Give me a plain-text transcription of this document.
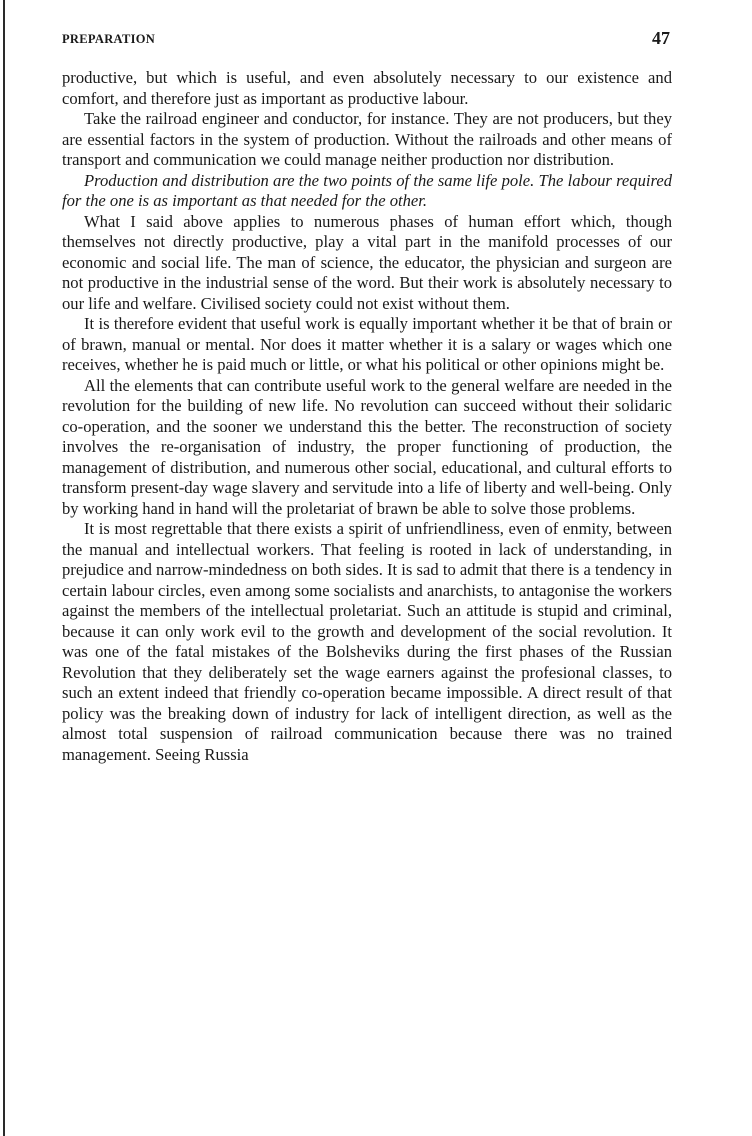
PREPARATION	47

productive, but which is useful, and even absolutely necessary to our existence and comfort, and therefore just as important as productive labour.

Take the railroad engineer and conductor, for instance. They are not producers, but they are essential factors in the system of production. Without the railroads and other means of transport and communication we could manage neither production nor distribution.

Production and distribution are the two points of the same life pole. The labour required for the one is as important as that needed for the other.

What I said above applies to numerous phases of human effort which, though themselves not directly productive, play a vital part in the manifold processes of our economic and social life. The man of science, the educator, the physician and surgeon are not productive in the industrial sense of the word. But their work is absolutely necessary to our life and welfare. Civilised society could not exist without them.

It is therefore evident that useful work is equally important whether it be that of brain or of brawn, manual or mental. Nor does it matter whether it is a salary or wages which one receives, whether he is paid much or little, or what his political or other opinions might be.

All the elements that can contribute useful work to the general welfare are needed in the revolution for the building of new life. No revolution can succeed without their solidaric co-operation, and the sooner we understand this the better. The reconstruction of society involves the re-organisation of industry, the proper functioning of production, the management of distribution, and numerous other social, educational, and cultural efforts to transform present-day wage slavery and servitude into a life of liberty and well-being. Only by working hand in hand will the proletariat of brawn be able to solve those problems.

It is most regrettable that there exists a spirit of unfriendliness, even of enmity, between the manual and intellectual workers. That feeling is rooted in lack of understanding, in prejudice and narrow-mindedness on both sides. It is sad to admit that there is a tendency in certain labour circles, even among some socialists and anarchists, to antagonise the workers against the members of the intellectual proletariat. Such an attitude is stupid and criminal, because it can only work evil to the growth and development of the social revolution. It was one of the fatal mistakes of the Bolsheviks during the first phases of the Russian Revolution that they deliberately set the wage earners against the profesional classes, to such an extent indeed that friendly co-operation became impossible. A direct result of that policy was the breaking down of industry for lack of intelligent direction, as well as the almost total suspension of railroad communication because there was no trained management. Seeing Russia
